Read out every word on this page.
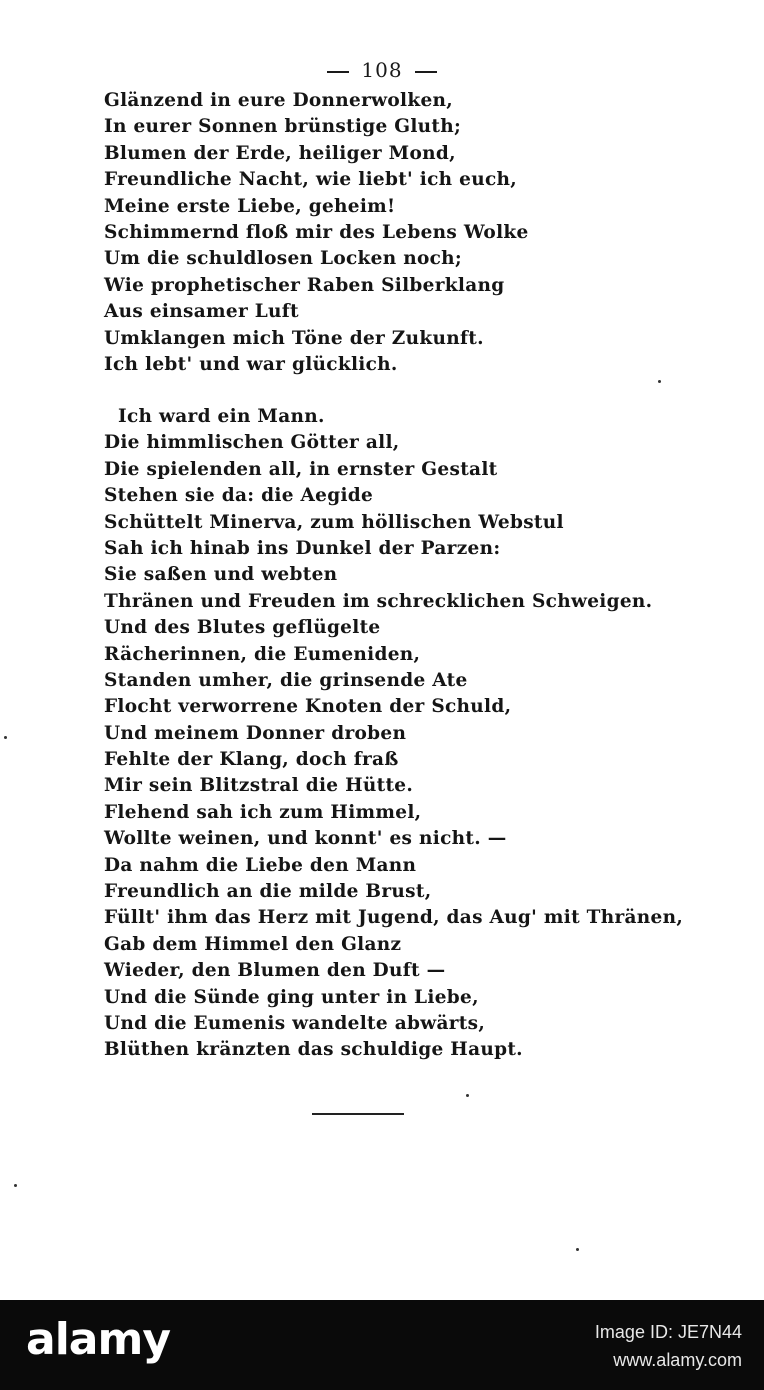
108
Glänzend in eure Donnerwolken,
In eurer Sonnen brünstige Gluth;
Blumen der Erde, heiliger Mond,
Freundliche Nacht, wie liebt' ich euch,
Meine erste Liebe, geheim!
Schimmernd floß mir des Lebens Wolke
Um die schuldlosen Locken noch;
Wie prophetischer Raben Silberklang
Aus einsamer Luft
Umklangen mich Töne der Zukunft.
Ich lebt' und war glücklich.
Ich ward ein Mann.
Die himmlischen Götter all,
Die spielenden all, in ernster Gestalt
Stehen sie da: die Aegide
Schüttelt Minerva, zum höllischen Webstul
Sah ich hinab ins Dunkel der Parzen:
Sie saßen und webten
Thränen und Freuden im schrecklichen Schweigen.
Und des Blutes geflügelte
Rächerinnen, die Eumeniden,
Standen umher, die grinsende Ate
Flocht verworrene Knoten der Schuld,
Und meinem Donner droben
Fehlte der Klang, doch fraß
Mir sein Blitzstral die Hütte.
Flehend sah ich zum Himmel,
Wollte weinen, und konnt' es nicht. —
Da nahm die Liebe den Mann
Freundlich an die milde Brust,
Füllt' ihm das Herz mit Jugend, das Aug' mit Thränen,
Gab dem Himmel den Glanz
Wieder, den Blumen den Duft —
Und die Sünde ging unter in Liebe,
Und die Eumenis wandelte abwärts,
Blüthen kränzten das schuldige Haupt.
alamy	Image ID: JE7N44
www.alamy.com
